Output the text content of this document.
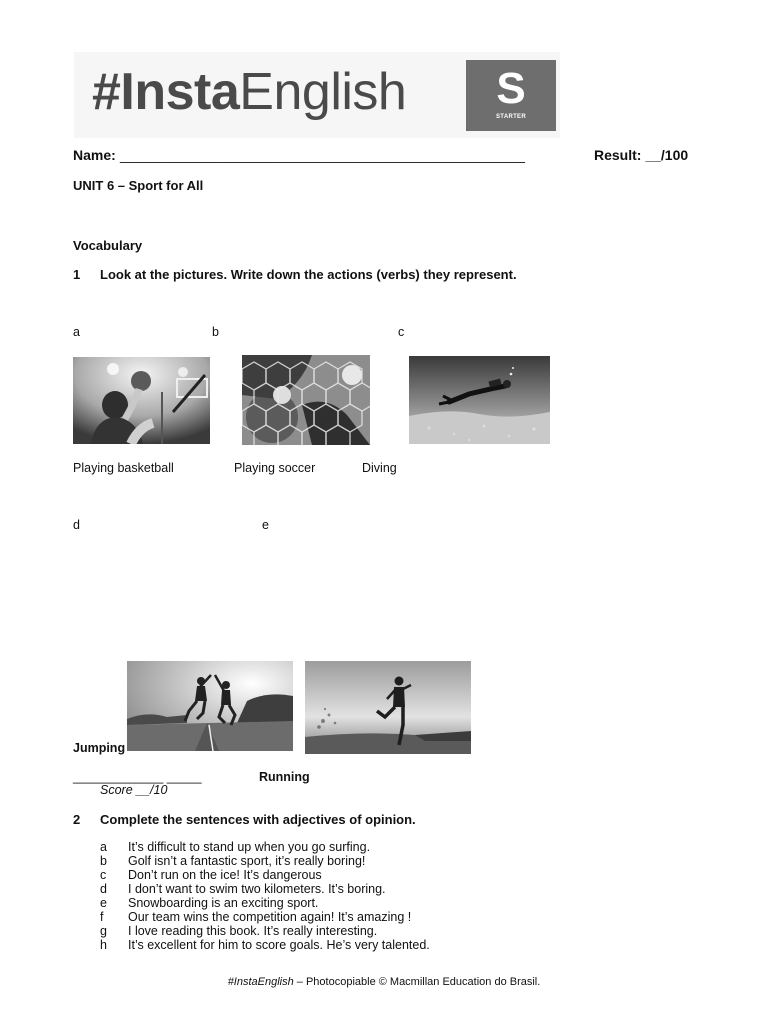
#InstaEnglish	S
STARTER
Name: ____________________________________________________	Result: __/100
UNIT 6 – Sport for All
Vocabulary
1 Look at the pictures. Write down the actions (verbs) they represent.
a	b	c
Playing basketball	Playing soccer	Diving
d	e
Jumping
_____________ _____	Running
Score __/10
2 Complete the sentences with adjectives of opinion.
a It’s difficult to stand up when you go surfing.
b Golf isn’t a fantastic sport, it’s really boring!
c Don’t run on the ice! It’s dangerous
d I don’t want to swim two kilometers. It’s boring.
e Snowboarding is an exciting sport.
f Our team wins the competition again! It’s amazing !
g I love reading this book. It’s really interesting.
h It’s excellent for him to score goals. He’s very talented.
#InstaEnglish – Photocopiable © Macmillan Education do Brasil.
